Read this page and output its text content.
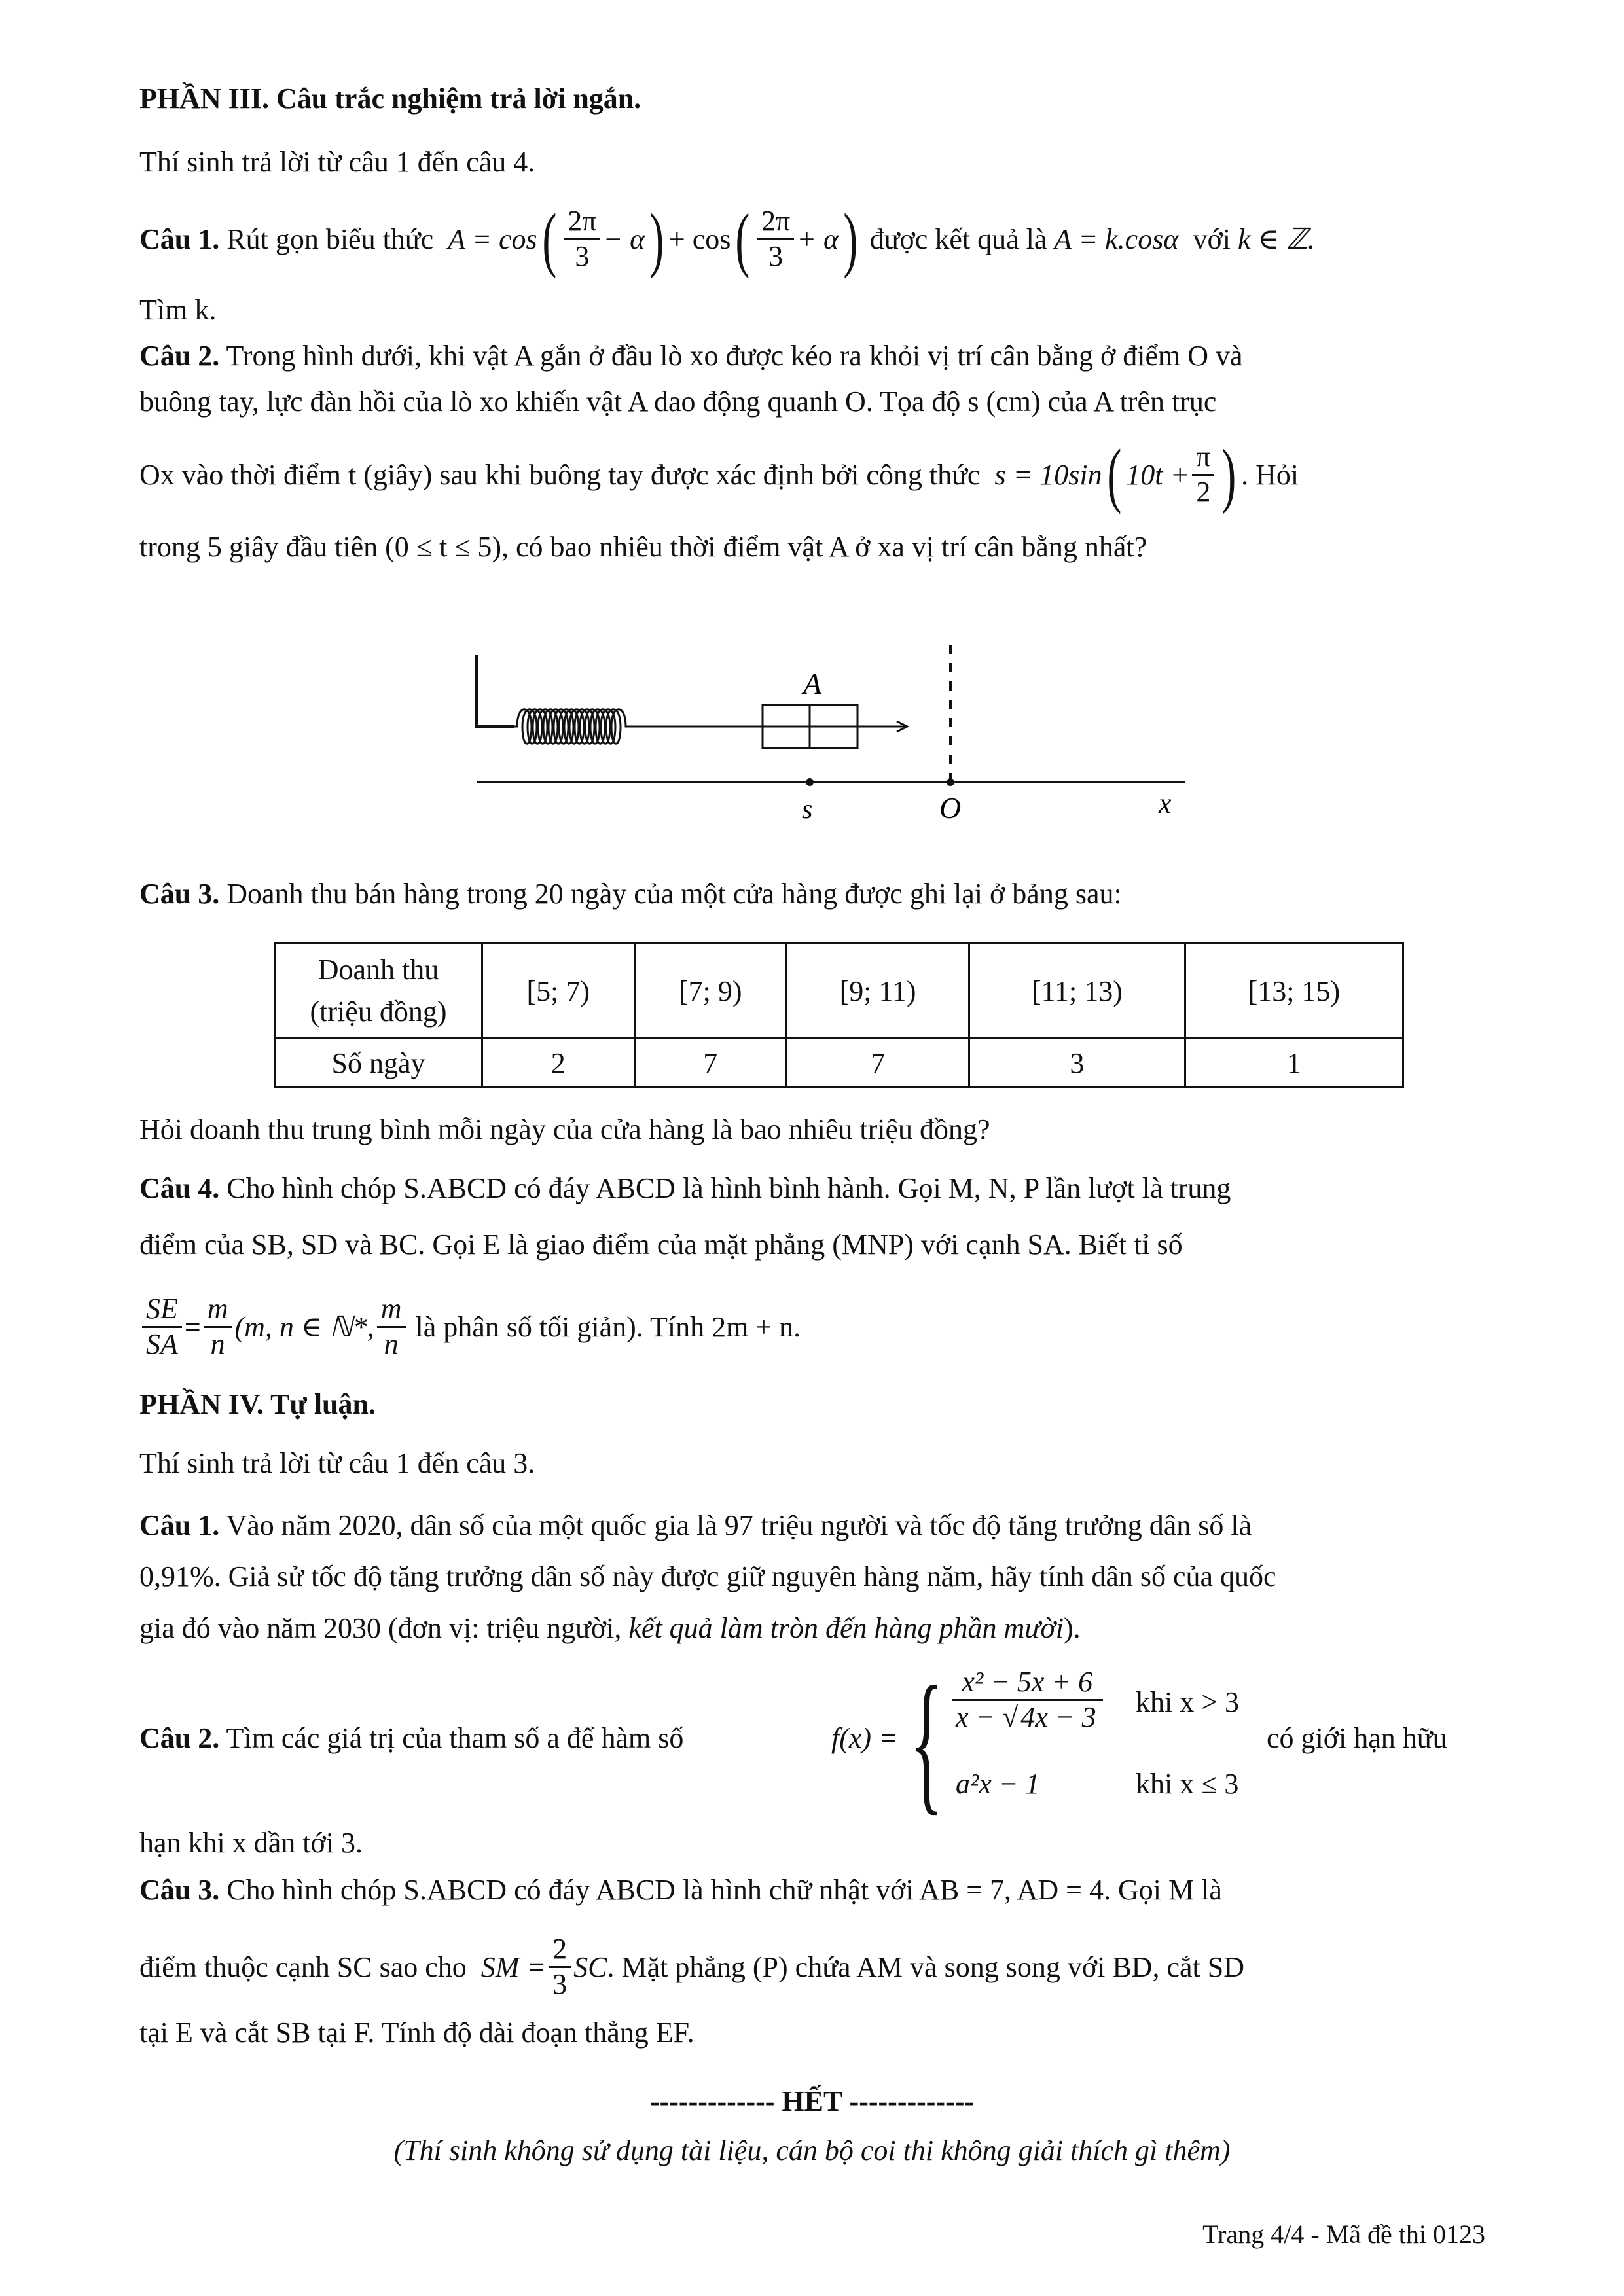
PHẦN III. Câu trắc nghiệm trả lời ngắn.
Thí sinh trả lời từ câu 1 đến câu 4.
Câu 1.
Rút gọn biểu thức
A = cos ( $\frac{2\pi}{3} - \alpha$ ) + cos ( $\frac{2\pi}{3} + \alpha$ )
được kết quả là
A = k.cosα
với
k ∈ ℤ.
Tìm k.
Câu 2. Trong hình dưới, khi vật A gắn ở đầu lò xo được kéo ra khỏi vị trí cân bằng ở điểm O và
buông tay, lực đàn hồi của lò xo khiến vật A dao động quanh O. Tọa độ s (cm) của A trên trục
Ox vào thời điểm t (giây) sau khi buông tay được xác định bởi công thức
s = 10sin ( $10t + \frac{\pi}{2}$ ) . Hỏi
trong 5 giây đầu tiên (0 ≤ t ≤ 5), có bao nhiêu thời điểm vật A ở xa vị trí cân bằng nhất?
A
s	O	x
Câu 3. Doanh thu bán hàng trong 20 ngày của một cửa hàng được ghi lại ở bảng sau:
Doanh thu
(triệu đồng)	[5; 7)	[7; 9)	[9; 11)	[11; 13)	[13; 15)
Số ngày	2	7	7	3	1
Hỏi doanh thu trung bình mỗi ngày của cửa hàng là bao nhiêu triệu đồng?
Câu 4. Cho hình chóp S.ABCD có đáy ABCD là hình bình hành. Gọi M, N, P lần lượt là trung
điểm của SB, SD và BC. Gọi E là giao điểm của mặt phẳng (MNP) với cạnh SA. Biết tỉ số
$\frac{SE}{SA} = \frac{m}{n} (m$, n ∈ ℕ*, $\frac{m}{n}$
là phân số tối giản). Tính 2m + n.
PHẦN IV. Tự luận.
Thí sinh trả lời từ câu 1 đến câu 3.
Câu 1. Vào năm 2020, dân số của một quốc gia là 97 triệu người và tốc độ tăng trưởng dân số là
0,91%. Giả sử tốc độ tăng trưởng dân số này được giữ nguyên hàng năm, hãy tính dân số của quốc
gia đó vào năm 2030 (đơn vị: triệu người, kết quả làm tròn đến hàng phần mười).
Câu 2. Tìm các giá trị của tham số a để hàm số	f(x) = { $\frac{\text{x² − 5x + 6}}{x - √4x - 3}$ khi x > 3
a²x − 1	khi x ≤ 3
có giới hạn hữu
hạn khi x dần tới 3.
Câu 3. Cho hình chóp S.ABCD có đáy ABCD là hình chữ nhật với AB = 7, AD = 4. Gọi M là
điểm thuộc cạnh SC sao cho
SM = $\frac{2}{3}$ SC . Mặt phẳng (P) chứa AM và song song với BD, cắt SD
tại E và cắt SB tại F. Tính độ dài đoạn thẳng EF.
------------- HẾT -------------
(Thí sinh không sử dụng tài liệu, cán bộ coi thi không giải thích gì thêm)
Trang 4/4 - Mã đề thi 0123
